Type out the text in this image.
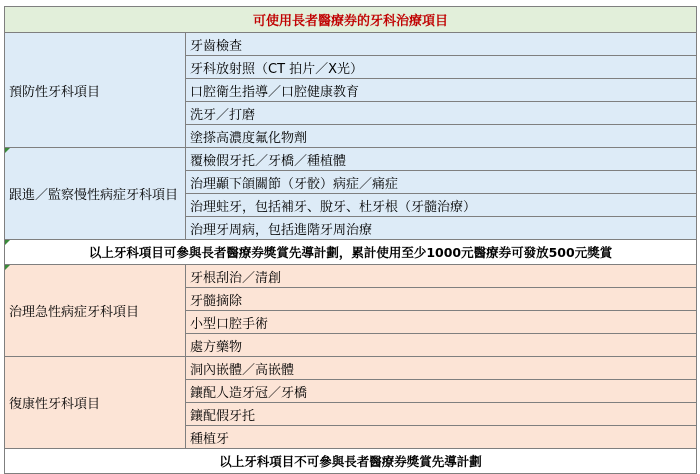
可使用長者醫療券的牙科治療項目	
預防性牙科項目	牙齒檢查
	牙科放射照（CT 拍片／X光）
	口腔衛生指導／口腔健康教育
	洗牙／打磨
	塗搽高濃度氟化物劑
跟進／監察慢性病症牙科項目	覆檢假牙托／牙橋／種植體
	治理顳下頜關節（牙骹）病症／痛症
	治理蛀牙，包括補牙、脫牙、杜牙根（牙髓治療）
	治理牙周病，包括進階牙周治療
以上牙科項目可參與長者醫療券獎賞先導計劃，累計使用至少1000元醫療券可發放500元獎賞	
治理急性病症牙科項目	牙根刮治／清創
	牙髓摘除
	小型口腔手術
	處方藥物
復康性牙科項目	洞內嵌體／高嵌體
	鑲配人造牙冠／牙橋
	鑲配假牙托
	種植牙
以上牙科項目不可參與長者醫療券獎賞先導計劃	
